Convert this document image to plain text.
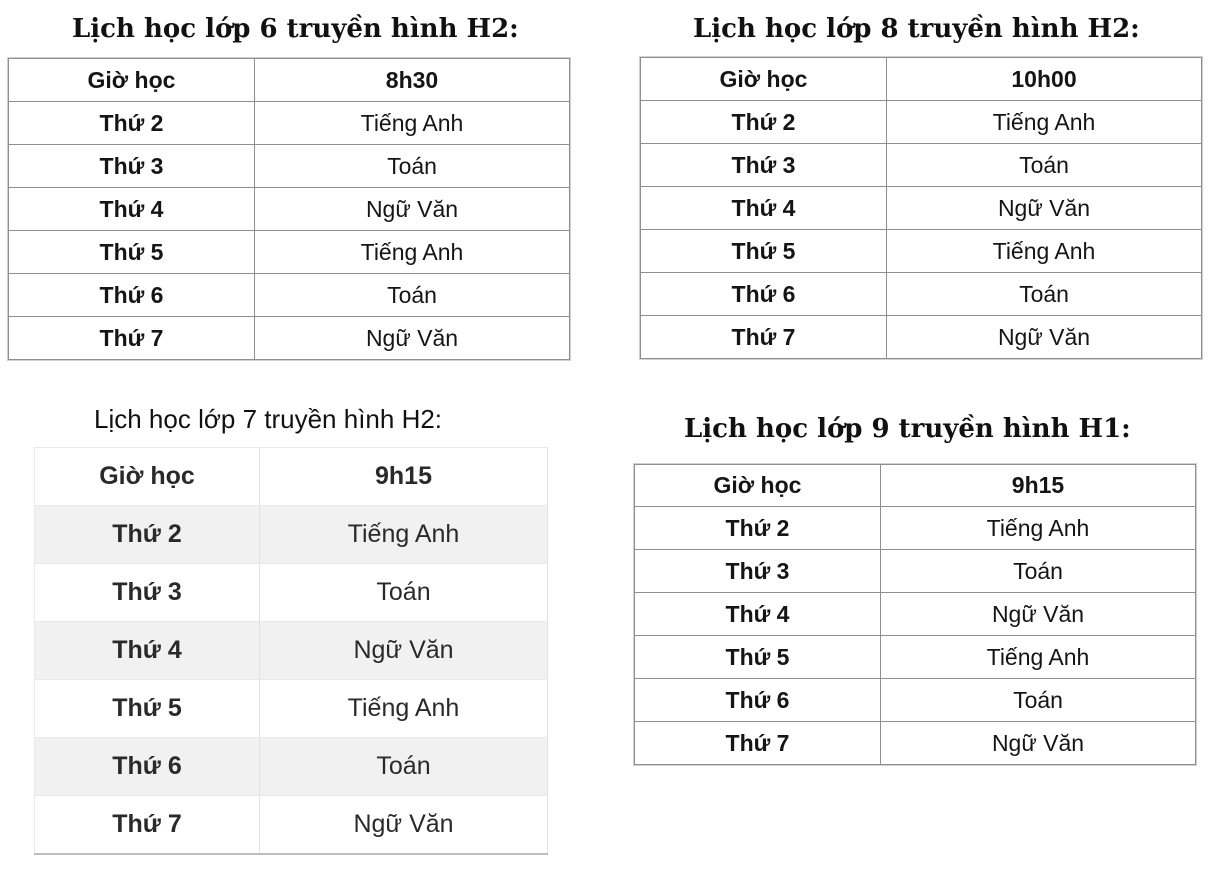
Lịch học lớp 6 truyền hình H2:
Giờ học	8h30
Thứ 2	Tiếng Anh
Thứ 3	Toán
Thứ 4	Ngữ Văn
Thứ 5	Tiếng Anh
Thứ 6	Toán
Thứ 7	Ngữ Văn
Lịch học lớp 8 truyền hình H2:
Giờ học	10h00
Thứ 2	Tiếng Anh
Thứ 3	Toán
Thứ 4	Ngữ Văn
Thứ 5	Tiếng Anh
Thứ 6	Toán
Thứ 7	Ngữ Văn
Lịch học lớp 7 truyền hình H2:
Giờ học	9h15
Thứ 2	Tiếng Anh
Thứ 3	Toán
Thứ 4	Ngữ Văn
Thứ 5	Tiếng Anh
Thứ 6	Toán
Thứ 7	Ngữ Văn
Lịch học lớp 9 truyền hình H1:
Giờ học	9h15
Thứ 2	Tiếng Anh
Thứ 3	Toán
Thứ 4	Ngữ Văn
Thứ 5	Tiếng Anh
Thứ 6	Toán
Thứ 7	Ngữ Văn
